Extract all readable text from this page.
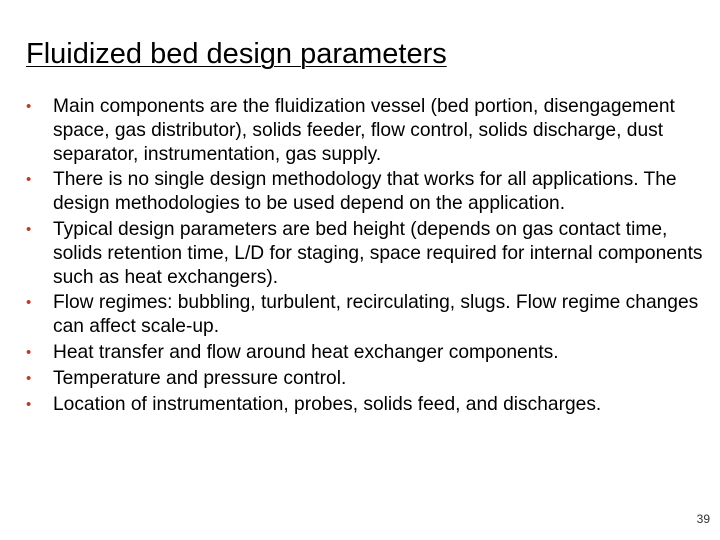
Fluidized bed design parameters
• Main components are the fluidization vessel (bed portion, disengagement space, gas distributor), solids feeder, flow control, solids discharge, dust separator, instrumentation, gas supply.
• There is no single design methodology that works for all applications. The design methodologies to be used depend on the application.
• Typical design parameters are bed height (depends on gas contact time, solids retention time, L/D for staging, space required for internal components such as heat exchangers).
• Flow regimes: bubbling, turbulent, recirculating, slugs. Flow regime changes can affect scale-up.
• Heat transfer and flow around heat exchanger components.
• Temperature and pressure control.
• Location of instrumentation, probes, solids feed, and discharges.
39
